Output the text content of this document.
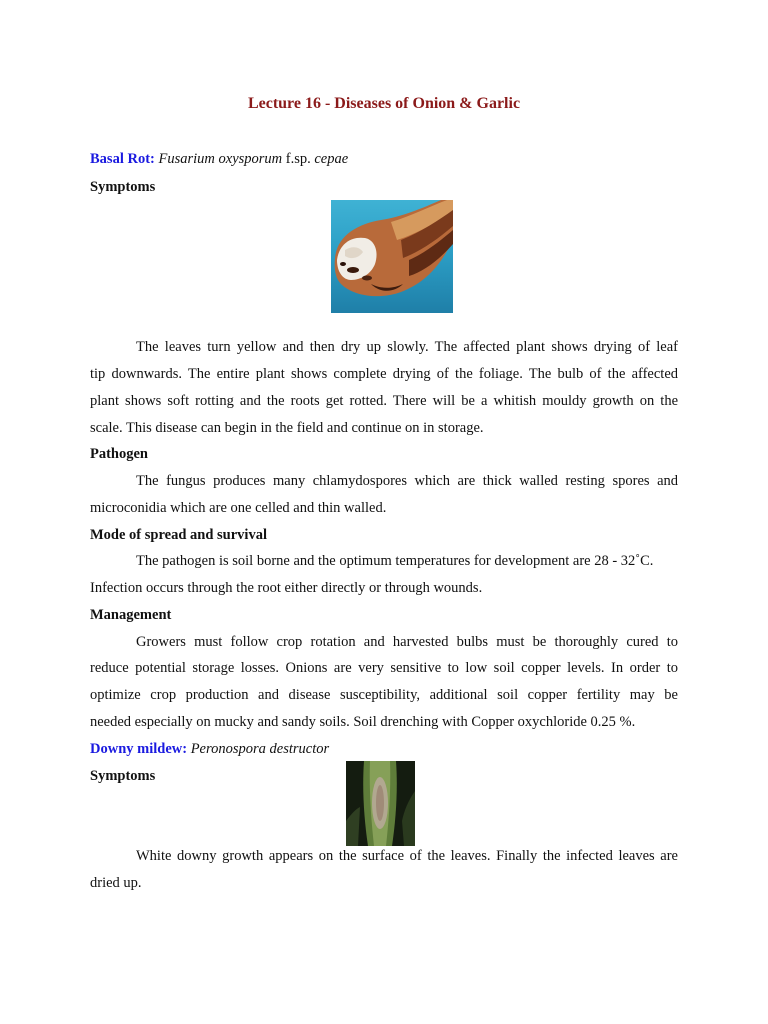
Lecture 16 - Diseases of Onion & Garlic
Basal Rot: Fusarium oxysporum f.sp. cepae
Symptoms
The leaves turn yellow and then dry up slowly. The affected plant shows drying of leaf
tip downwards. The entire plant shows complete drying of the foliage. The bulb of the affected
plant shows soft rotting and the roots get rotted. There will be a whitish mouldy growth on the
scale. This disease can begin in the field and continue on in storage.
Pathogen
The fungus produces many chlamydospores which are thick walled resting spores and
microconidia which are one celled and thin walled.
Mode of spread and survival
The pathogen is soil borne and the optimum temperatures for development are 28 - 32˚C.
Infection occurs through the root either directly or through wounds.
Management
Growers must follow crop rotation and harvested bulbs must be thoroughly cured to
reduce potential storage losses. Onions are very sensitive to low soil copper levels. In order to
optimize crop production and disease susceptibility, additional soil copper fertility may be
needed especially on mucky and sandy soils. Soil drenching with Copper oxychloride 0.25 %.
Downy mildew: Peronospora destructor
Symptoms
White downy growth appears on the surface of the leaves. Finally the infected leaves are
dried up.
